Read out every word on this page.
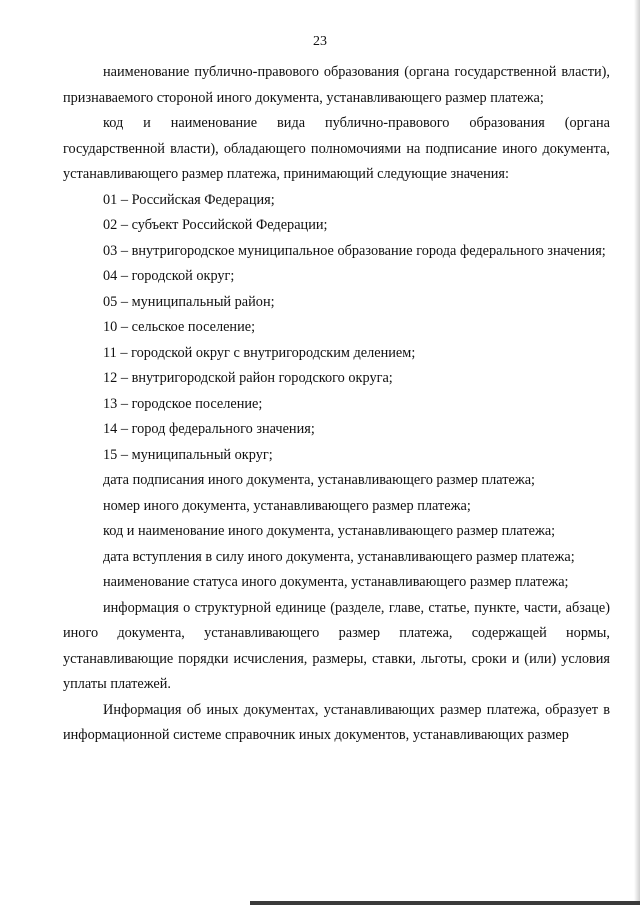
23

наименование публично-правового образования (органа государственной власти), признаваемого стороной иного документа, устанавливающего размер платежа;

код и наименование вида публично-правового образования (органа государственной власти), обладающего полномочиями на подписание иного документа, устанавливающего размер платежа, принимающий следующие значения:

01 – Российская Федерация;

02 – субъект Российской Федерации;

03 – внутригородское муниципальное образование города федерального значения;

04 – городской округ;

05 – муниципальный район;

10 – сельское поселение;

11 – городской округ с внутригородским делением;

12 – внутригородской район городского округа;

13 – городское поселение;

14 – город федерального значения;

15 – муниципальный округ;

дата подписания иного документа, устанавливающего размер платежа;

номер иного документа, устанавливающего размер платежа;

код и наименование иного документа, устанавливающего размер платежа;

дата вступления в силу иного документа, устанавливающего размер платежа;

наименование статуса иного документа, устанавливающего размер платежа;

информация о структурной единице (разделе, главе, статье, пункте, части, абзаце) иного документа, устанавливающего размер платежа, содержащей нормы, устанавливающие порядки исчисления, размеры, ставки, льготы, сроки и (или) условия уплаты платежей.

Информация об иных документах, устанавливающих размер платежа, образует в информационной системе справочник иных документов, устанавливающих размер
